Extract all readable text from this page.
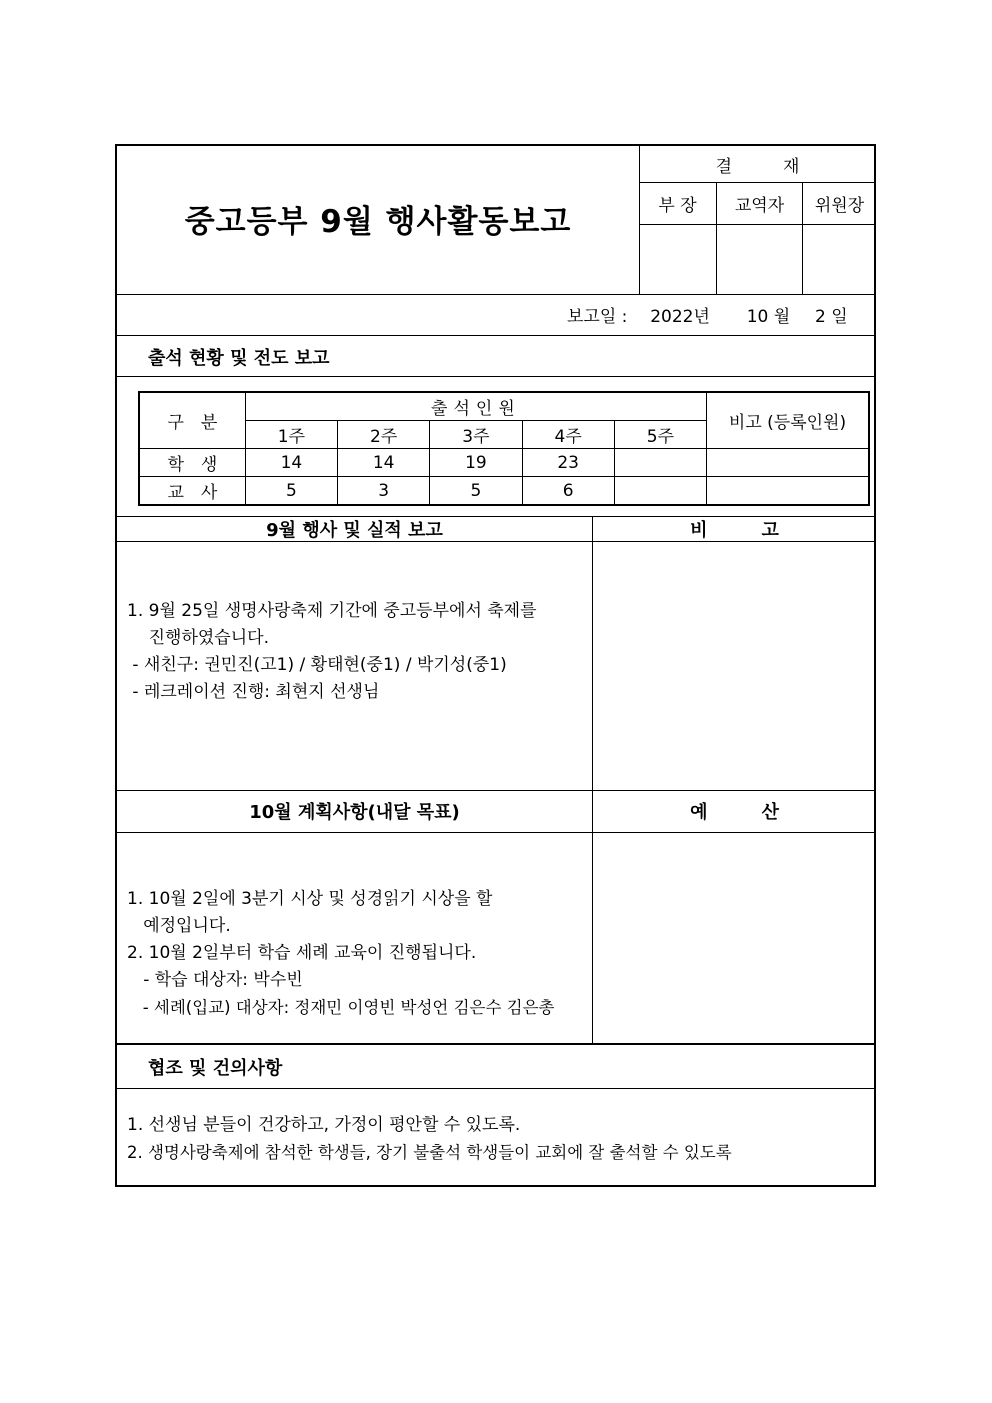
중고등부 9월 행사활동보고
결　　　재
부 장	교역자	위원장
보고일 : 2022년 10 월 2 일
출석 현황 및 전도 보고
구　분	출석인원					비고 (등록인원)
	1주	2주	3주	4주	5주	
학　생	14	14	19	23		
교　사	5	3	5	6		
9월 행사 및 실적 보고	비　　　고
1. 9월 25일 생명사랑축제 기간에 중고등부에서 축제를
진행하였습니다.
- 새친구: 권민진(고1) / 황태현(중1) / 박기성(중1)
- 레크레이션 진행: 최현지 선생님
10월 계획사항(내달 목표)	예　　　산
1. 10월 2일에 3분기 시상 및 성경읽기 시상을 할
예정입니다.
2. 10월 2일부터 학습 세례 교육이 진행됩니다.
- 학습 대상자: 박수빈
- 세례(입교) 대상자: 정재민 이영빈 박성언 김은수 김은총
협조 및 건의사항
1. 선생님 분들이 건강하고, 가정이 평안할 수 있도록.
2. 생명사랑축제에 참석한 학생들, 장기 불출석 학생들이 교회에 잘 출석할 수 있도록
